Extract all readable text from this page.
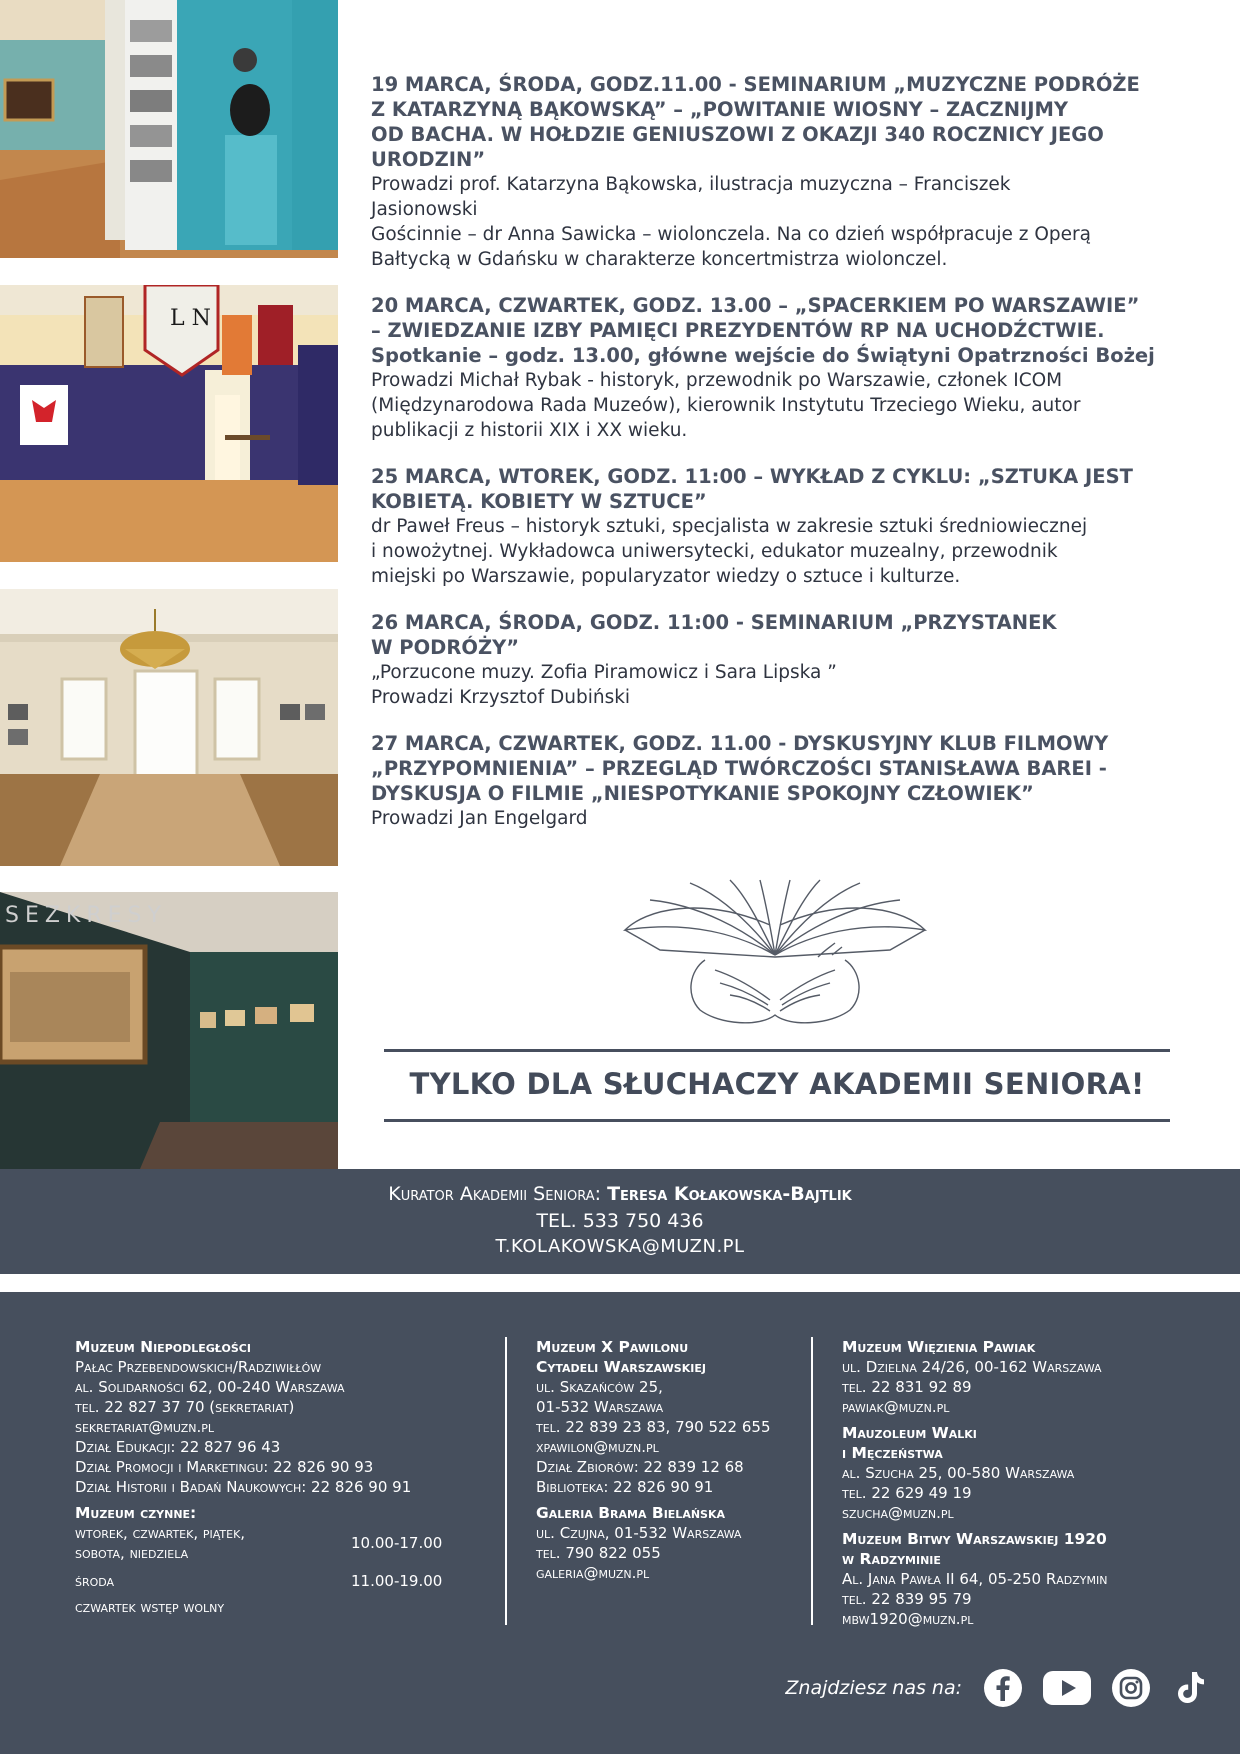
L N
SEZKRESY
19 MARCA, ŚRODA, GODZ.11.00 - SEMINARIUM „MUZYCZNE PODRÓŻE
Z KATARZYNĄ BĄKOWSKĄ” – „POWITANIE WIOSNY – ZACZNIJMY
OD BACHA. W HOŁDZIE GENIUSZOWI Z OKAZJI 340 ROCZNICY JEGO
URODZIN”
Prowadzi prof. Katarzyna Bąkowska, ilustracja muzyczna – Franciszek
Jasionowski
Gościnnie – dr Anna Sawicka – wiolonczela. Na co dzień współpracuje z Operą
Bałtycką w Gdańsku w charakterze koncertmistrza wiolonczel.
20 MARCA, CZWARTEK, GODZ. 13.00 – „SPACERKIEM PO WARSZAWIE”
– ZWIEDZANIE IZBY PAMIĘCI PREZYDENTÓW RP NA UCHODŹCTWIE.
Spotkanie – godz. 13.00, główne wejście do Świątyni Opatrzności Bożej
Prowadzi Michał Rybak - historyk, przewodnik po Warszawie, członek ICOM
(Międzynarodowa Rada Muzeów), kierownik Instytutu Trzeciego Wieku, autor
publikacji z historii XIX i XX wieku.
25 MARCA, WTOREK, GODZ. 11:00 – WYKŁAD Z CYKLU: „SZTUKA JEST
KOBIETĄ. KOBIETY W SZTUCE”
dr Paweł Freus – historyk sztuki, specjalista w zakresie sztuki średniowiecznej
i nowożytnej. Wykładowca uniwersytecki, edukator muzealny, przewodnik
miejski po Warszawie, popularyzator wiedzy o sztuce i kulturze.
26 MARCA, ŚRODA, GODZ. 11:00 - SEMINARIUM „PRZYSTANEK
W PODRÓŻY”
„Porzucone muzy. Zofia Piramowicz i Sara Lipska ”
Prowadzi Krzysztof Dubiński
27 MARCA, CZWARTEK, GODZ. 11.00 - DYSKUSYJNY KLUB FILMOWY
„PRZYPOMNIENIA” – PRZEGLĄD TWÓRCZOŚCI STANISŁAWA BAREI -
DYSKUSJA O FILMIE „NIESPOTYKANIE SPOKOJNY CZŁOWIEK”
Prowadzi Jan Engelgard
TYLKO DLA SŁUCHACZY AKADEMII SENIORA!
Kurator Akademii Seniora: Teresa Kołakowska-Bajtlik
TEL. 533 750 436
T.KOLAKOWSKA@MUZN.PL
Muzeum Niepodległości
Pałac Przebendowskich/Radziwiłłów
al. Solidarności 62, 00-240 Warszawa
tel. 22 827 37 70 (sekretariat)
sekretariat@muzn.pl
Dział Edukacji: 22 827 96 43
Dział Promocji i Marketingu: 22 826 90 93
Dział Historii i Badań Naukowych: 22 826 90 91
Muzeum czynne:
wtorek, czwartek, piątek,
sobota, niedziela
10.00-17.00
środa	11.00-19.00
czwartek wstęp wolny
Muzeum X Pawilonu
Cytadeli Warszawskiej
ul. Skazańców 25,
01-532 Warszawa
tel. 22 839 23 83, 790 522 655
xpawilon@muzn.pl
Dział Zbiorów: 22 839 12 68
Biblioteka: 22 826 90 91
Galeria Brama Bielańska
ul. Czujna, 01-532 Warszawa
tel. 790 822 055
galeria@muzn.pl
Muzeum Więzienia Pawiak
ul. Dzielna 24/26, 00-162 Warszawa
tel. 22 831 92 89
pawiak@muzn.pl
Mauzoleum Walki
i Męczeństwa
al. Szucha 25, 00-580 Warszawa
tel. 22 629 49 19
szucha@muzn.pl
Muzeum Bitwy Warszawskiej 1920
w Radzyminie
Al. Jana Pawła II 64, 05-250 Radzymin
tel. 22 839 95 79
mbw1920@muzn.pl
Znajdziesz nas na:
